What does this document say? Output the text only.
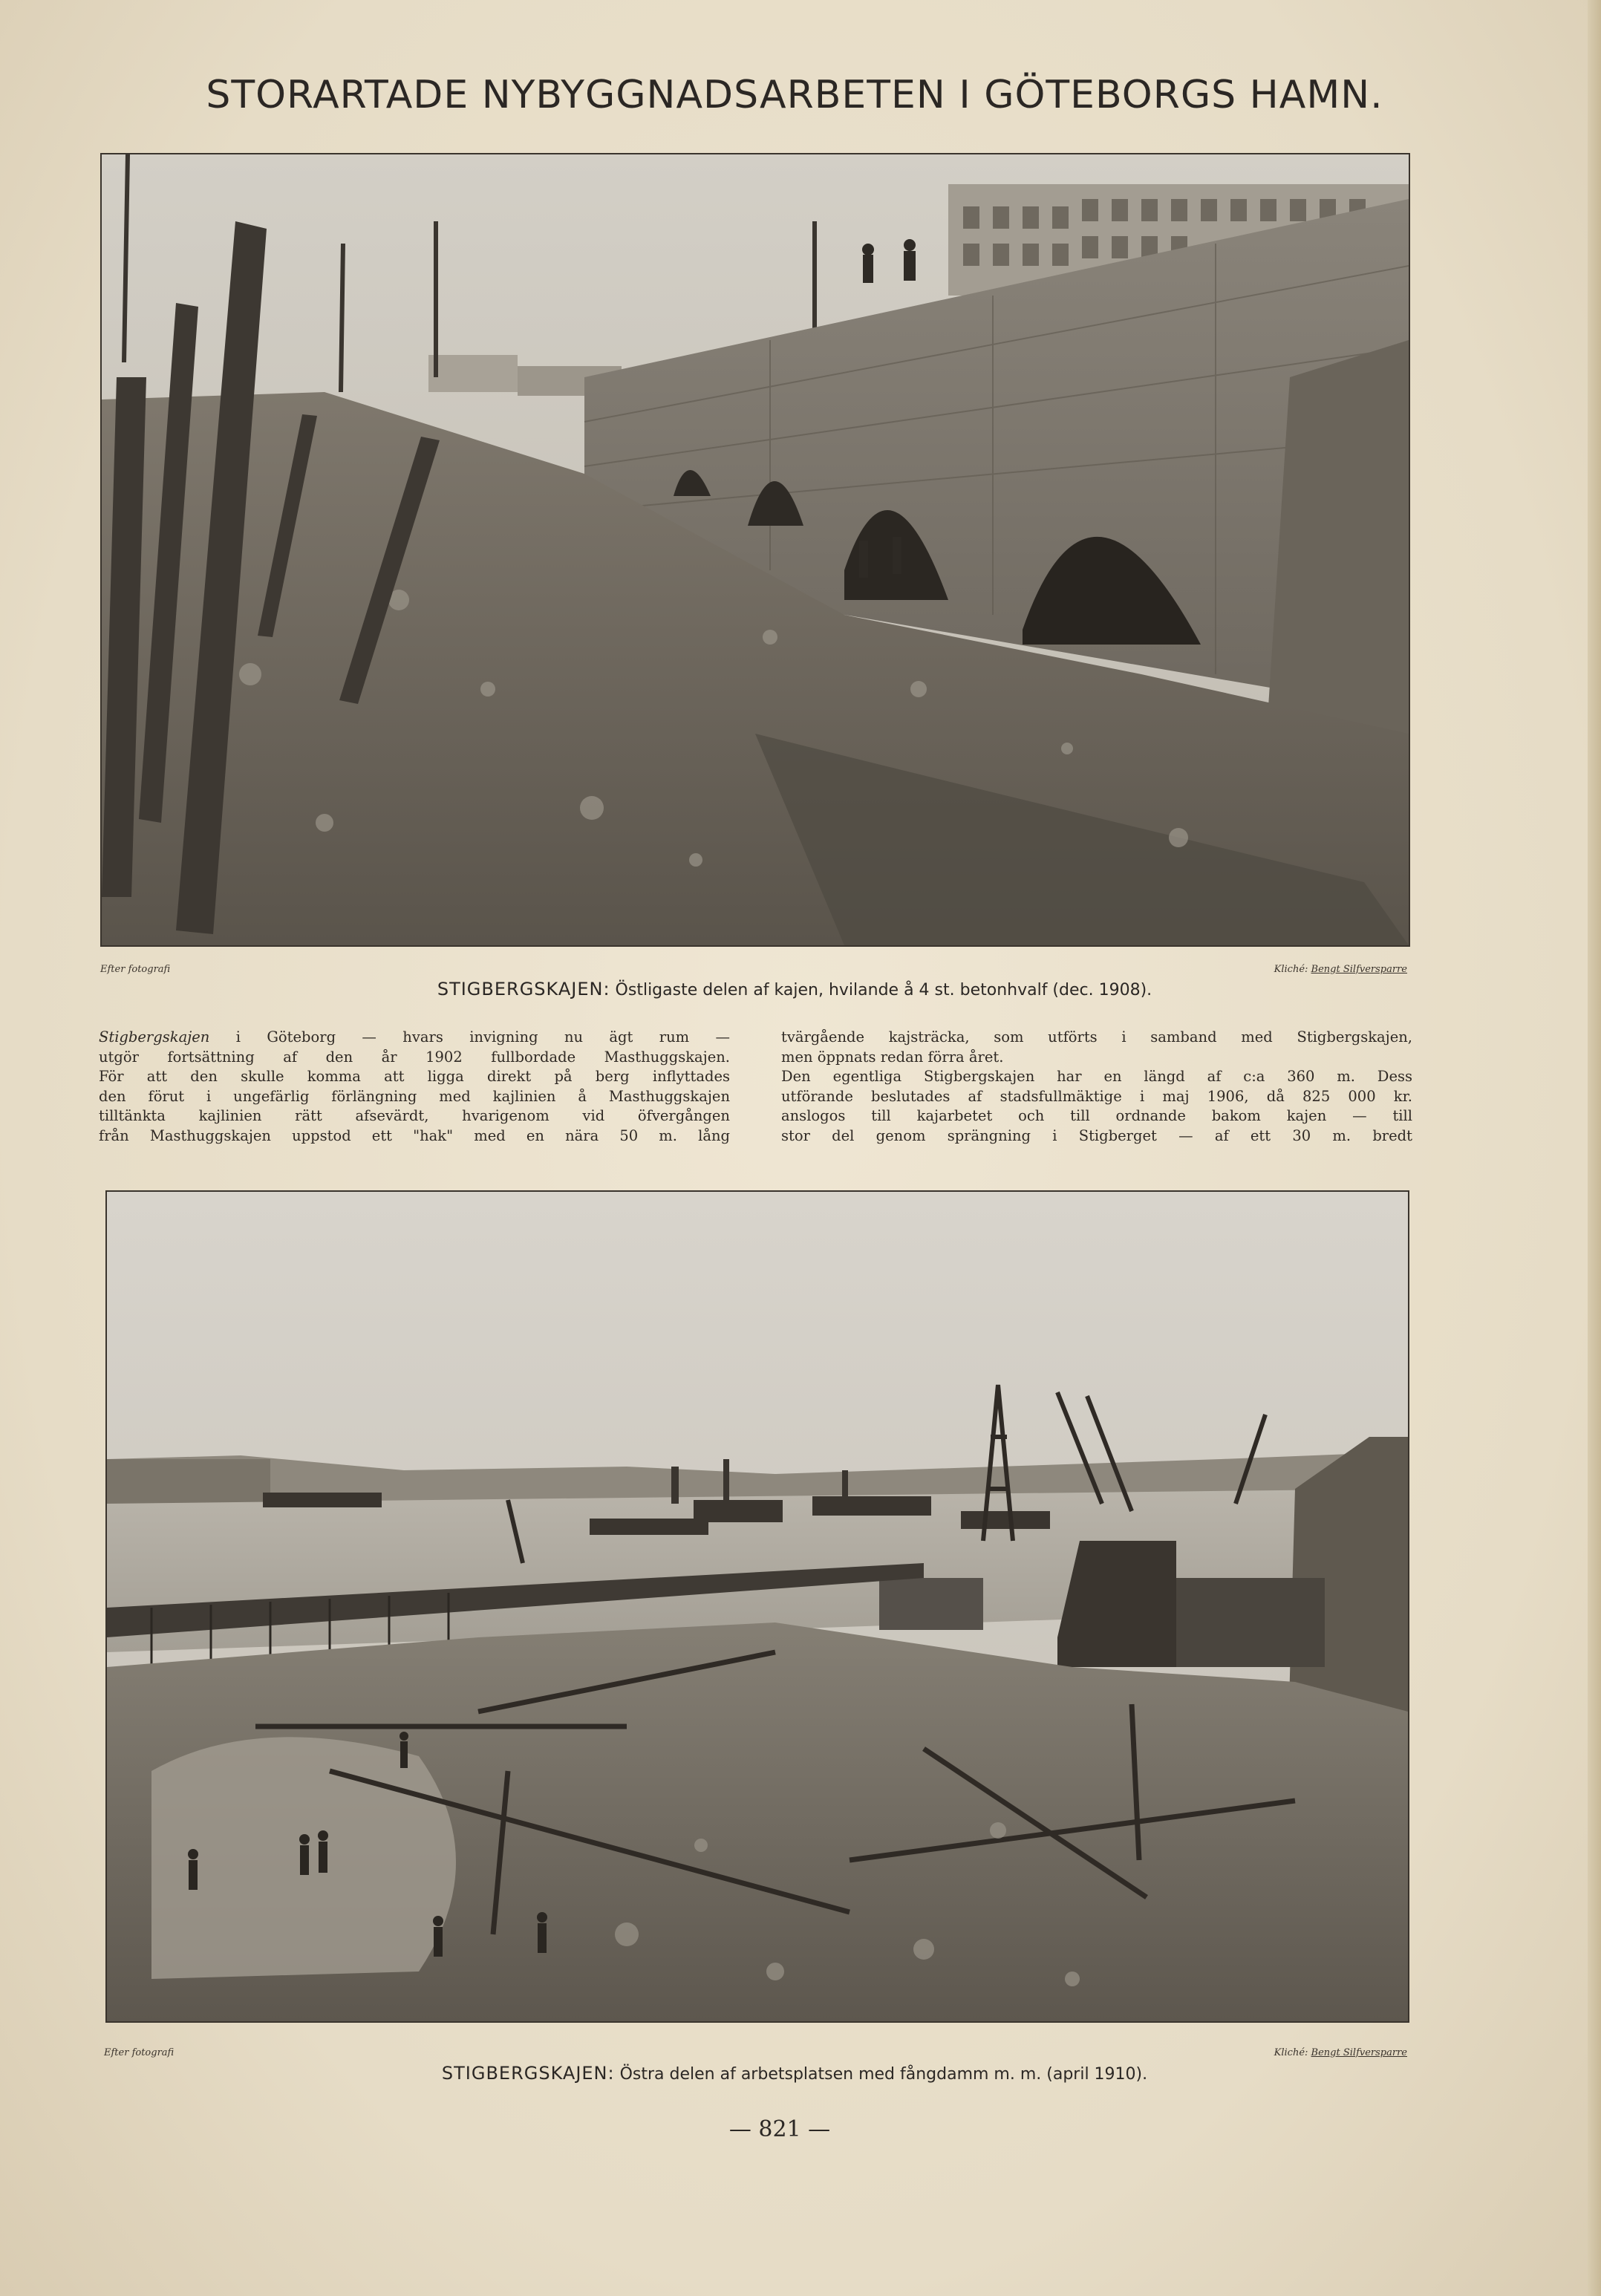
STORARTADE NYBYGGNADSARBETEN I GÖTEBORGS HAMN.
Efter fotografi	Kliché: Bengt Silfversparre
STIGBERGSKAJEN: Östligaste delen af kajen, hvilande å 4 st. betonhvalf (dec. 1908).
Stigbergskajen i Göteborg — hvars invigning nu ägt rum —
utgör fortsättning af den år 1902 fullbordade Masthuggskajen.
För att den skulle komma att ligga direkt på berg inflyttades
den förut i ungefärlig förlängning med kajlinien å Masthuggskajen
tilltänkta kajlinien rätt afsevärdt, hvarigenom vid öfvergången
från Masthuggskajen uppstod ett "hak" med en nära 50 m. lång
tvärgående kajsträcka, som utförts i samband med Stigbergskajen,
men öppnats redan förra året.
Den egentliga Stigbergskajen har en längd af c:a 360 m. Dess
utförande beslutades af stadsfullmäktige i maj 1906, då 825 000 kr.
anslogos till kajarbetet och till ordnande bakom kajen — till
stor del genom sprängning i Stigberget — af ett 30 m. bredt
Efter fotografi	Kliché: Bengt Silfversparre
STIGBERGSKAJEN: Östra delen af arbetsplatsen med fångdamm m. m. (april 1910).
— 821 —
